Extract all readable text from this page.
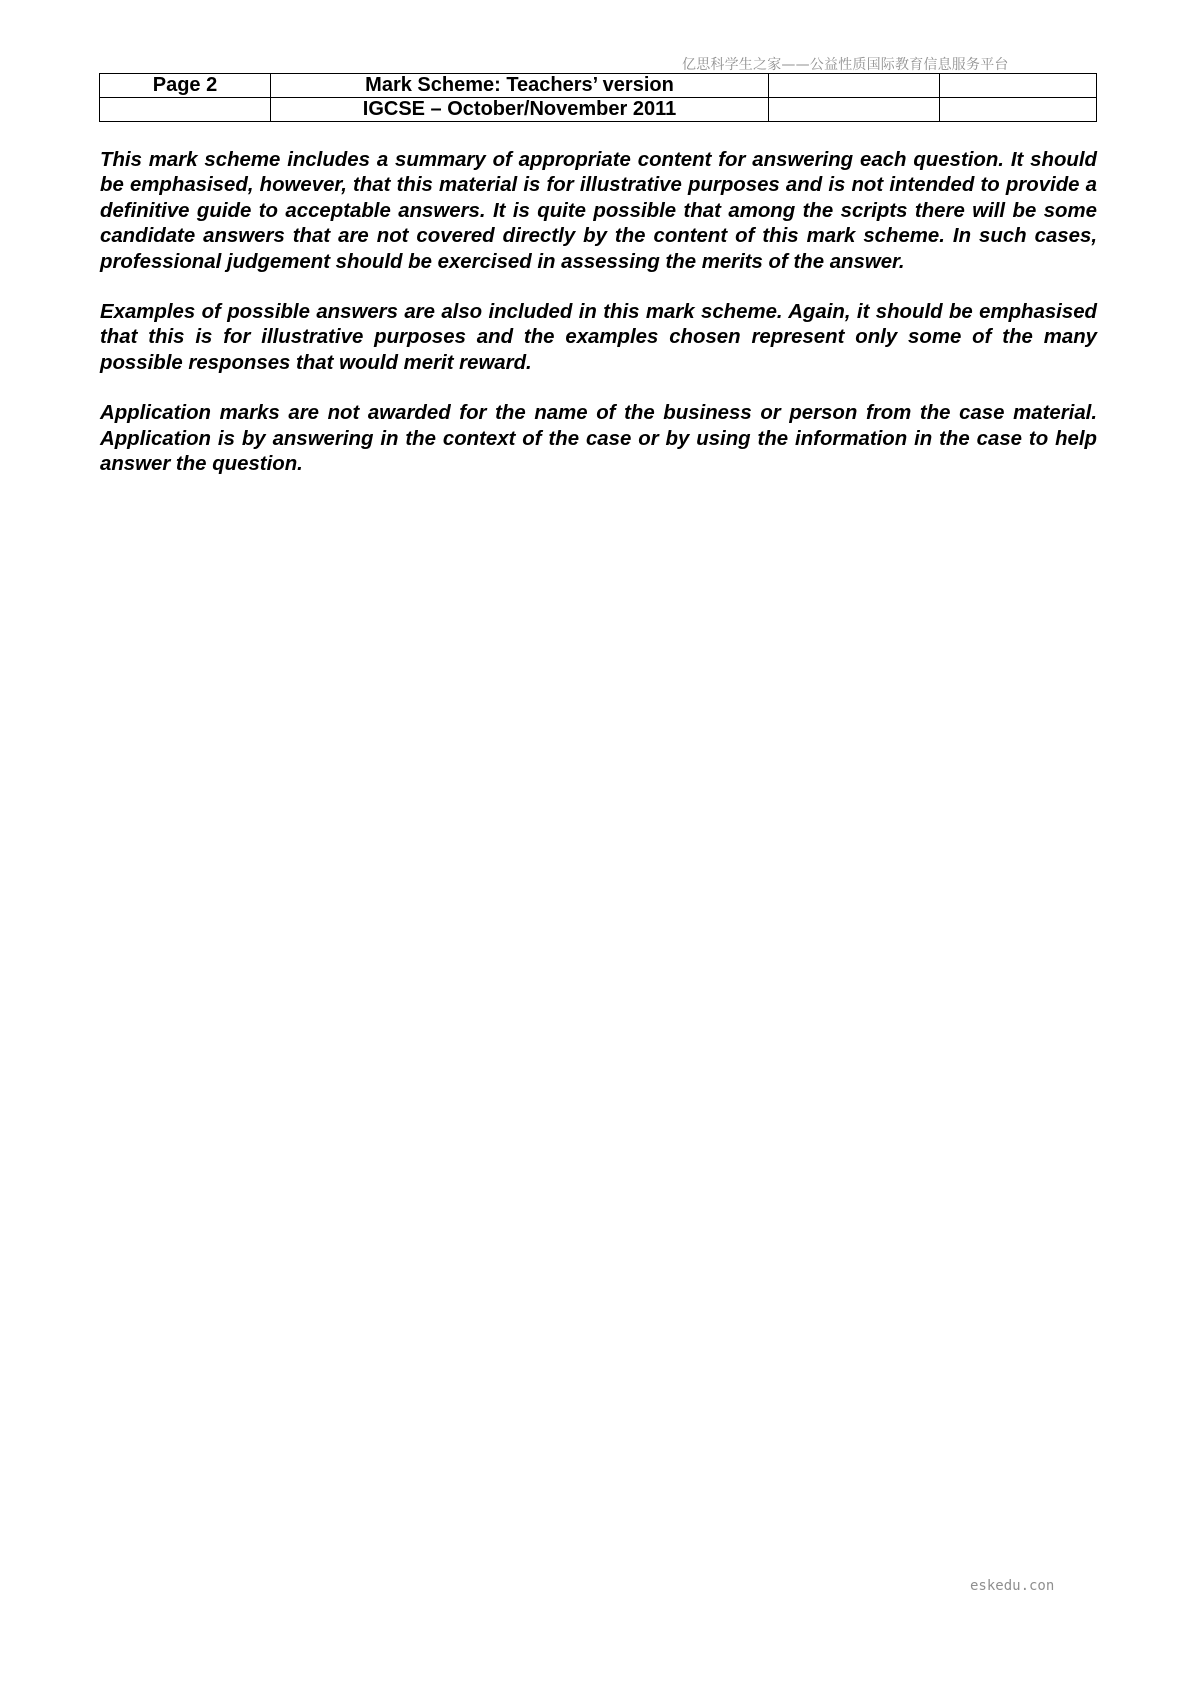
亿思科学生之家——公益性质国际教育信息服务平台
Page 2	Mark Scheme: Teachers’ version		
	IGCSE – October/November 2011		

This mark scheme includes a summary of appropriate content for answering each question. It should be emphasised, however, that this material is for illustrative purposes and is not intended to provide a definitive guide to acceptable answers. It is quite possible that among the scripts there will be some candidate answers that are not covered directly by the content of this mark scheme. In such cases, professional judgement should be exercised in assessing the merits of the answer.

Examples of possible answers are also included in this mark scheme. Again, it should be emphasised that this is for illustrative purposes and the examples chosen represent only some of the many possible responses that would merit reward.

Application marks are not awarded for the name of the business or person from the case material. Application is by answering in the context of the case or by using the information in the case to help answer the question.

eskedu.con
